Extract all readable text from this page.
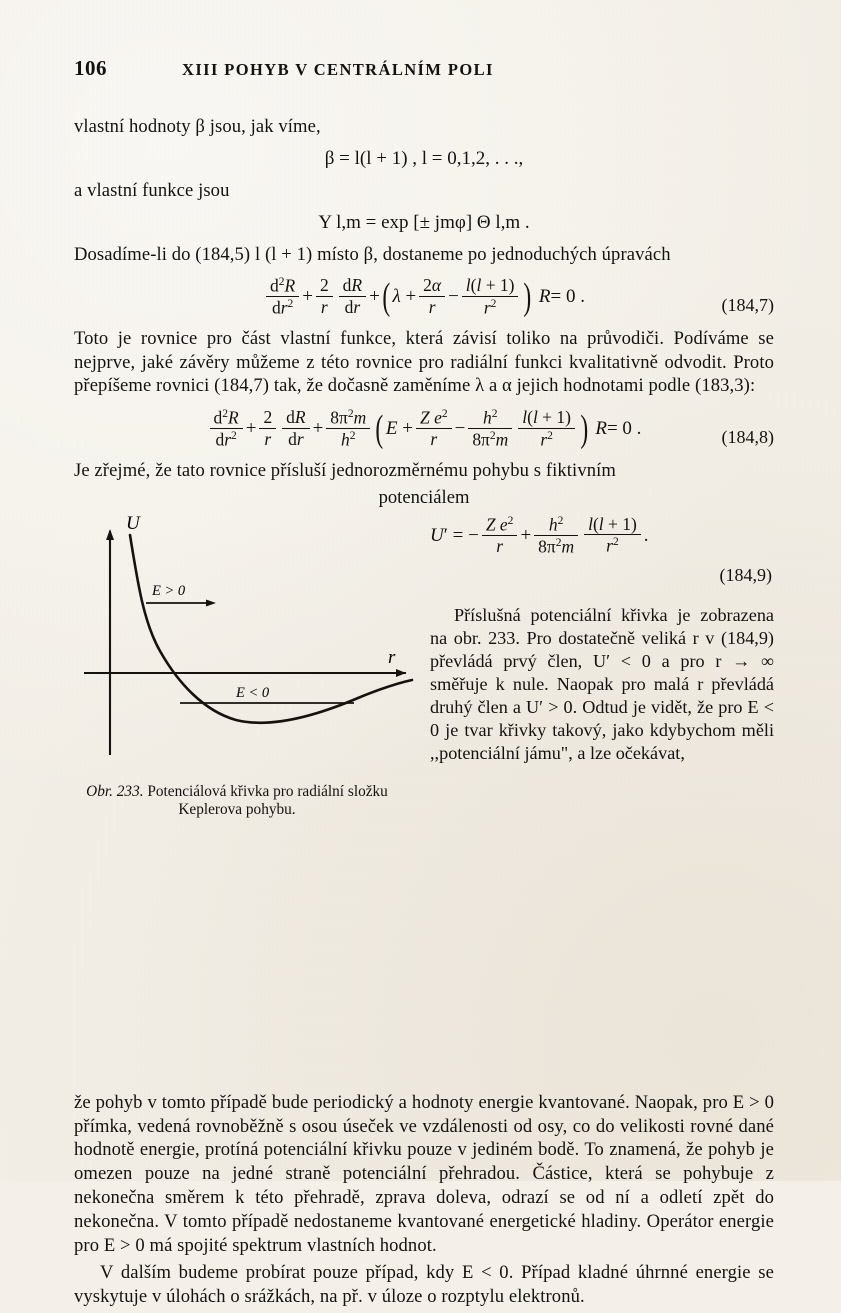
106	XIII POHYB V CENTRÁLNÍM POLI

vlastní hodnoty β jsou, jak víme,

β = l(l + 1) , l = 0,1,2, . . .,

a vlastní funkce jsou

Y l,m = exp [± jmφ] Θ l,m .

Dosadíme-li do (184,5) l (l + 1) místo β, dostaneme po jednoduchých úpravách

$\frac{d^2R}{dr^2} + \frac{2}{r} \frac{dR}{dr}$ + ( $\lambda + \frac{2\alpha}{r} - \frac{l(l + 1)}{r^2}$ )
R = 0 .	(184,7)

Toto je rovnice pro část vlastní funkce, která závisí toliko na průvodiči. Podíváme se nejprve, jaké závěry můžeme z této rovnice pro radiální funkci kvalitativně odvodit. Proto přepíšeme rovnici (184,7) tak, že dočasně zaměníme λ a α jejich hodnotami podle (183,3):

$\frac{d^2R}{dr^2} + \frac{2}{r} \frac{dR}{dr} + \frac{8\pi^2m}{h^2}$ ( $E + \frac{Z e^2}{r} - \frac{h^2}{8\pi^2m} \frac{l(l + 1)}{r^2}$ )
R = 0 .	(184,8)

Je zřejmé, že tato rovnice přísluší jednorozměrnému pohybu s fiktivním

potenciálem
U
r
E > 0
E < 0
Obr. 233. Potenciálová křivka pro radiální složku Keplerova pohybu.
U ′ = − $\frac{Z e^2}{r} + \frac{h^2}{8\pi^2m} \frac{l(l + 1)}{r^2}$ .
(184,9)

Příslušná potenciální křivka je zobrazena na obr. 233. Pro dostatečně veliká r v (184,9) převládá prvý člen, U′ < 0 a pro r → ∞ směřuje k nule. Naopak pro malá r převládá druhý člen a U′ > 0. Odtud je vidět, že pro E < 0 je tvar křivky takový, jako kdybychom měli ,,potenciální jámu", a lze očekávat,

že pohyb v tomto případě bude periodický a hodnoty energie kvantované. Naopak, pro E > 0 přímka, vedená rovnoběžně s osou úseček ve vzdálenosti od osy, co do velikosti rovné dané hodnotě energie, protíná potenciální křivku pouze v jediném bodě. To znamená, že pohyb je omezen pouze na jedné straně potenciální přehradou. Částice, která se pohybuje z nekonečna směrem k této přehradě, zprava doleva, odrazí se od ní a odletí zpět do nekonečna. V tomto případě nedostaneme kvantované energetické hladiny. Operátor energie pro E > 0 má spojité spektrum vlastních hodnot.

V dalším budeme probírat pouze případ, kdy E < 0. Případ kladné úhrnné energie se vyskytuje v úlohách o srážkách, na př. v úloze o rozptylu elektronů.
